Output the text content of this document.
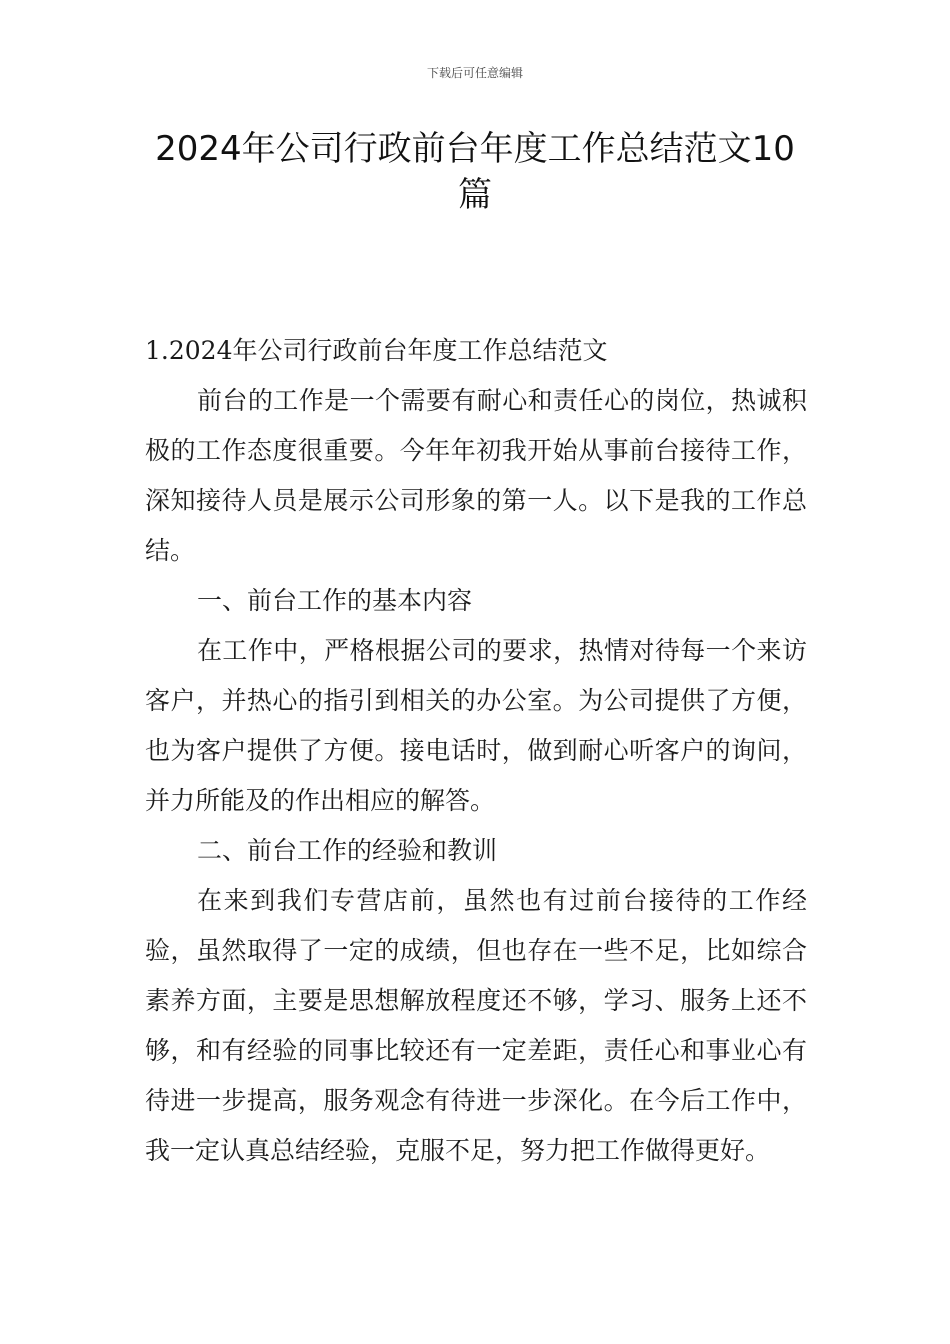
下载后可任意编辑
2024年公司行政前台年度工作总结范文10篇

1.2024年公司行政前台年度工作总结范文

前台的工作是一个需要有耐心和责任心的岗位，热诚积极的工作态度很重要。今年年初我开始从事前台接待工作，深知接待人员是展示公司形象的第一人。以下是我的工作总结。

一、前台工作的基本内容

在工作中，严格根据公司的要求，热情对待每一个来访客户，并热心的指引到相关的办公室。为公司提供了方便，也为客户提供了方便。接电话时，做到耐心听客户的询问，并力所能及的作出相应的解答。

二、前台工作的经验和教训

在来到我们专营店前，虽然也有过前台接待的工作经验，虽然取得了一定的成绩，但也存在一些不足，比如综合素养方面，主要是思想解放程度还不够，学习、服务上还不够，和有经验的同事比较还有一定差距，责任心和事业心有待进一步提高，服务观念有待进一步深化。在今后工作中，我一定认真总结经验，克服不足，努力把工作做得更好。
